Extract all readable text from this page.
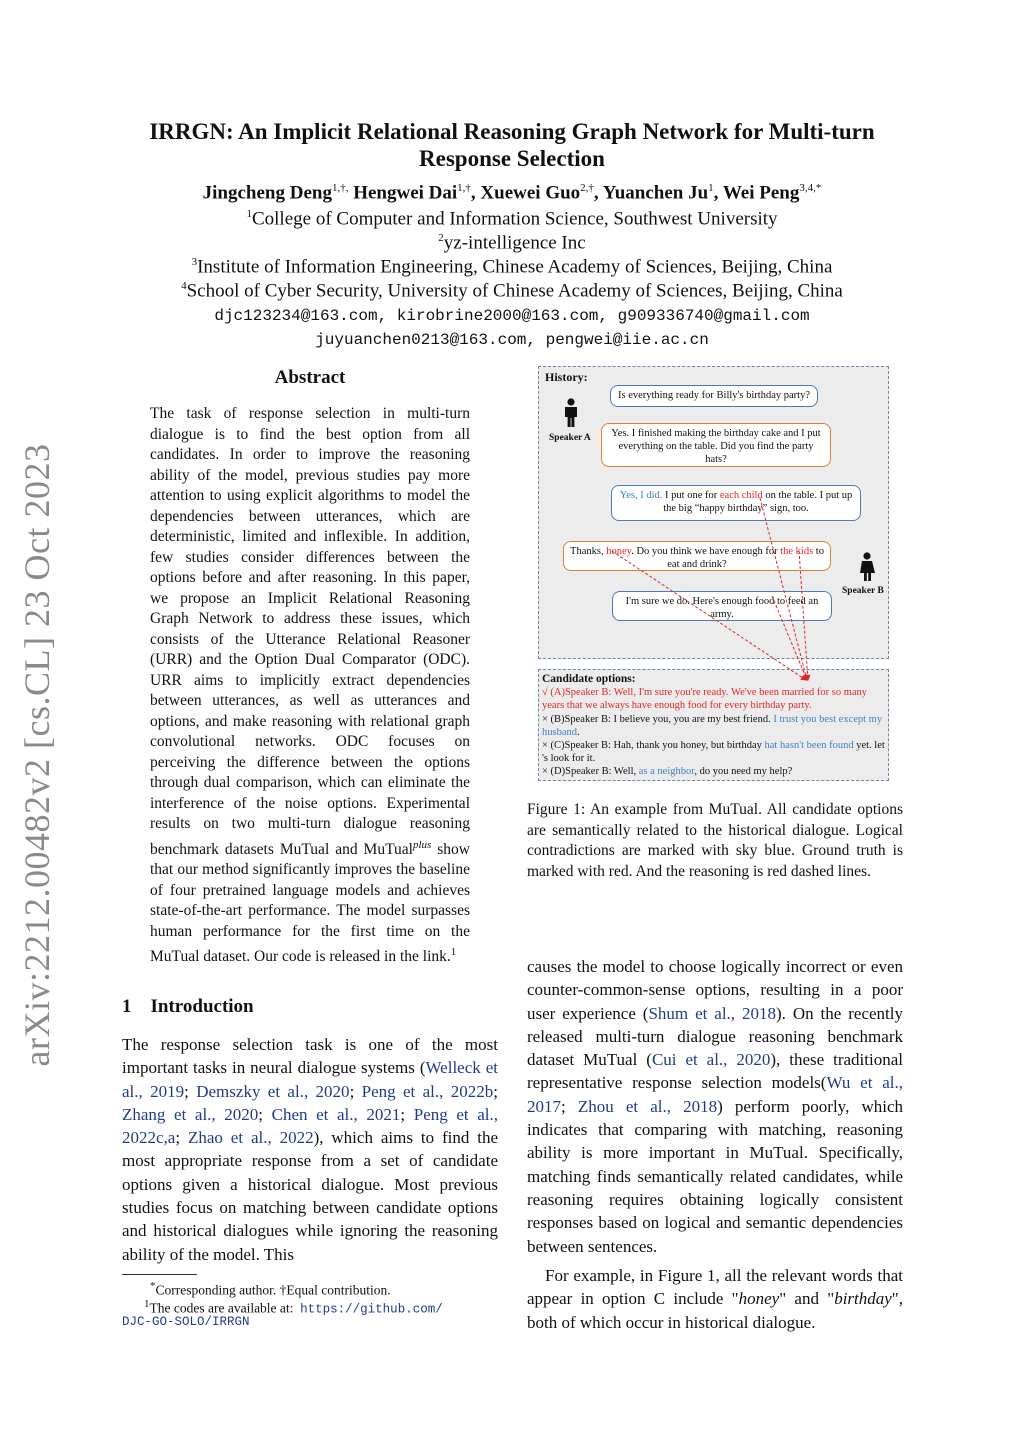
arXiv:2212.00482v2 [cs.CL] 23 Oct 2023
IRRGN: An Implicit Relational Reasoning Graph Network for Multi-turn
Response Selection
Jingcheng Deng$^{1,\dagger,}$ Hengwei Dai$^{1,\dagger}$, Xuewei Guo$^{2,\dagger}$, Yuanchen Ju$^1$, Wei Peng$^{3,4,*}$
$^1$College of Computer and Information Science, Southwest University
$^2$yz-intelligence Inc
$^3$Institute of Information Engineering, Chinese Academy of Sciences, Beijing, China
$^4$School of Cyber Security, University of Chinese Academy of Sciences, Beijing, China
djc123234@163.com, kirobrine2000@163.com, g909336740@gmail.com
juyuanchen0213@163.com, pengwei@iie.ac.cn
Abstract
The task of response selection in multi-turn dialogue is to find the best option from all candidates. In order to improve the reasoning ability of the model, previous studies pay more attention to using explicit algorithms to model the dependencies between utterances, which are deterministic, limited and inflexible. In addition, few studies consider differences between the options before and after reasoning. In this paper, we propose an Implicit Relational Reasoning Graph Network to address these issues, which consists of the Utterance Relational Reasoner (URR) and the Option Dual Comparator (ODC). URR aims to implicitly extract dependencies between utterances, as well as utterances and options, and make reasoning with relational graph convolutional networks. ODC focuses on perceiving the difference between the options through dual comparison, which can eliminate the interference of the noise options. Experimental results on two multi-turn dialogue reasoning benchmark datasets MuTual and MuTual$^{plus}$ show that our method significantly improves the baseline of four pretrained language models and achieves state-of-the-art performance. The model surpasses human performance for the first time on the MuTual dataset. Our code is released in the link.$^1$
1 Introduction
The response selection task is one of the most important tasks in neural dialogue systems (Welleck et al., 2019; Demszky et al., 2020; Peng et al., 2022b; Zhang et al., 2020; Chen et al., 2021; Peng et al., 2022c,a; Zhao et al., 2022), which aims to find the most appropriate response from a set of candidate options given a historical dialogue. Most previous studies focus on matching between candidate options and historical dialogues while ignoring the reasoning ability of the model. This
*Corresponding author. †Equal contribution.
$^1$The codes are available at: https://github.com/
DJC-GO-SOLO/IRRGN
History:
Speaker A
Speaker B
Is everything ready for Billy's birthday party?
Yes. I finished making the birthday cake and I put everything on the table. Did you find the party hats?
Yes, I did. I put one for each child on the table. I put up the big “happy birthday” sign, too.
Thanks, honey. Do you think we have enough for the kids to eat and drink?
I'm sure we do. Here's enough food to feed an army.
Candidate options:
√ (A)Speaker B: Well, I'm sure you're ready. We've been married for so many years that we always have enough food for every birthday party.
× (B)Speaker B: I believe you, you are my best friend. I trust you best except my husband.
× (C)Speaker B: Hah, thank you honey, but birthday hat hasn't been found yet. let 's look for it.
× (D)Speaker B: Well, as a neighbor, do you need my help?
Figure 1: An example from MuTual. All candidate options are semantically related to the historical dialogue. Logical contradictions are marked with sky blue. Ground truth is marked with red. And the reasoning is red dashed lines.
causes the model to choose logically incorrect or even counter-common-sense options, resulting in a poor user experience (Shum et al., 2018). On the recently released multi-turn dialogue reasoning benchmark dataset MuTual (Cui et al., 2020), these traditional representative response selection models(Wu et al., 2017; Zhou et al., 2018) perform poorly, which indicates that comparing with matching, reasoning ability is more important in MuTual. Specifically, matching finds semantically related candidates, while reasoning requires obtaining logically consistent responses based on logical and semantic dependencies between sentences.
For example, in Figure 1, all the relevant words that appear in option C include "honey" and "birthday", both of which occur in historical dialogue.
